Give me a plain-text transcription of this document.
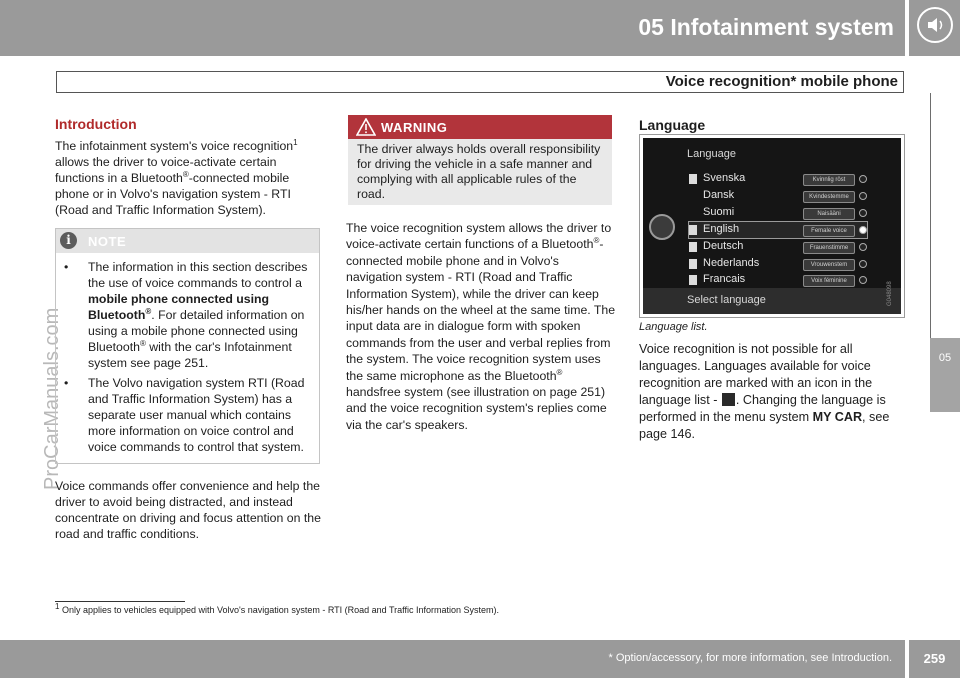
05 Infotainment system
Voice recognition* mobile phone
05
ProCarManuals.com
Introduction

The infotainment system's voice recognition$^1$ allows the driver to voice-activate certain functions in a Bluetooth®-connected mobile phone or in Volvo's navigation system - RTI (Road and Traffic Information System).

i	NOTE
• The information in this section describes the use of voice commands to control a mobile phone connected using Bluetooth®. For detailed information on using a mobile phone connected using Bluetooth® with the car's Infotainment system see page 251.
• The Volvo navigation system RTI (Road and Traffic Information System) has a separate user manual which contains more information on voice control and voice commands to control that system.

Voice commands offer convenience and help the driver to avoid being distracted, and instead concentrate on driving and focus attention on the road and traffic conditions.

WARNING

The driver always holds overall responsibility for driving the vehicle in a safe manner and complying with all applicable rules of the road.

The voice recognition system allows the driver to voice-activate certain functions of a Bluetooth®-connected mobile phone and in Volvo's navigation system - RTI (Road and Traffic Information System), while the driver can keep his/her hands on the wheel at the same time. The input data are in dialogue form with spoken commands from the user and verbal replies from the system. The voice recognition system uses the same microphone as the Bluetooth® handsfree system (see illustration on page 251) and the voice recognition system's replies come via the car's speakers.

Language
Language
Svenska	Kvinnlig röst
Dansk	Kvindestemme
Suomi	Naisääni
English	Female voice
Deutsch	Frauenstimme
Nederlands	Vrouwenstem
Francais	Voix féminine
Select language	G048098
Language list.

Voice recognition is not possible for all languages. Languages available for voice recognition are marked with an icon in the language list - . Changing the language is performed in the menu system MY CAR, see page 146.

$^1$ Only applies to vehicles equipped with Volvo's navigation system - RTI (Road and Traffic Information System).
* Option/accessory, for more information, see Introduction.	259
